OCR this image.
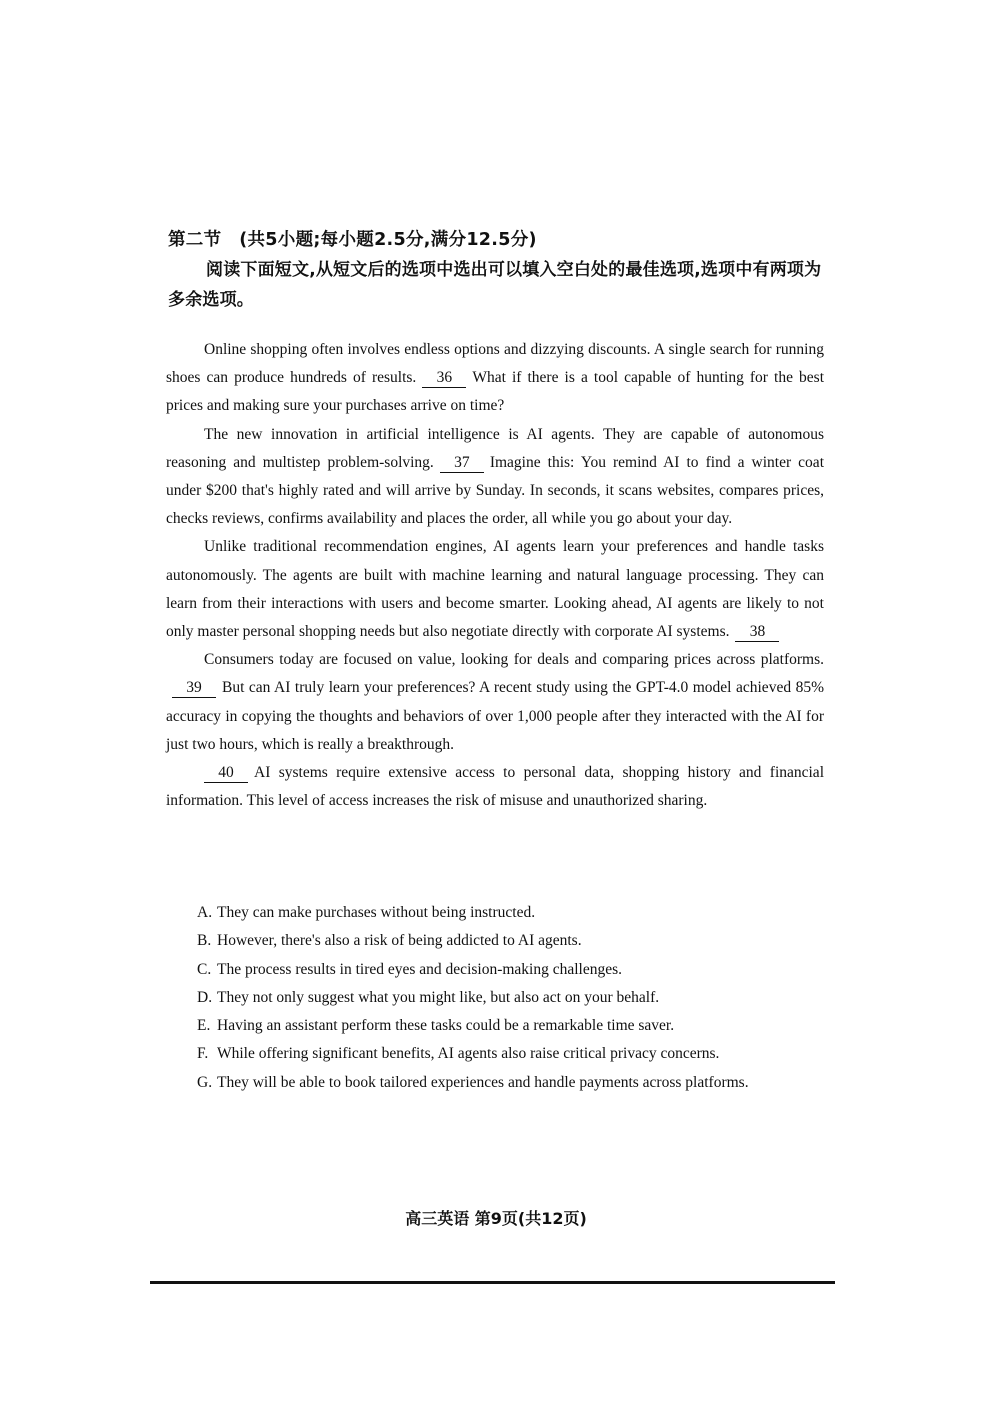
第二节　(共5小题;每小题2.5分,满分12.5分)
阅读下面短文,从短文后的选项中选出可以填入空白处的最佳选项,选项中有两项为多余选项。

Online shopping often involves endless options and dizzying discounts. A single search for running shoes can produce hundreds of results. 36 What if there is a tool capable of hunting for the best prices and making sure your purchases arrive on time?

The new innovation in artificial intelligence is AI agents. They are capable of autonomous reasoning and multistep problem-solving. 37 Imagine this: You remind AI to find a winter coat under $200 that's highly rated and will arrive by Sunday. In seconds, it scans websites, compares prices, checks reviews, confirms availability and places the order, all while you go about your day.

Unlike traditional recommendation engines, AI agents learn your preferences and handle tasks autonomously. The agents are built with machine learning and natural language processing. They can learn from their interactions with users and become smarter. Looking ahead, AI agents are likely to not only master personal shopping needs but also negotiate directly with corporate AI systems. 38

Consumers today are focused on value, looking for deals and comparing prices across platforms.39 But can AI truly learn your preferences? A recent study using the GPT-4.0 model achieved 85% accuracy in copying the thoughts and behaviors of over 1,000 people after they interacted with the AI for just two hours, which is really a breakthrough.

40 AI systems require extensive access to personal data, shopping history and financial information. This level of access increases the risk of misuse and unauthorized sharing.

A. They can make purchases without being instructed.
B. However, there's also a risk of being addicted to AI agents.
C. The process results in tired eyes and decision-making challenges.
D. They not only suggest what you might like, but also act on your behalf.
E. Having an assistant perform these tasks could be a remarkable time saver.
F. While offering significant benefits, AI agents also raise critical privacy concerns.
G. They will be able to book tailored experiences and handle payments across platforms.
高三英语 第9页(共12页)
